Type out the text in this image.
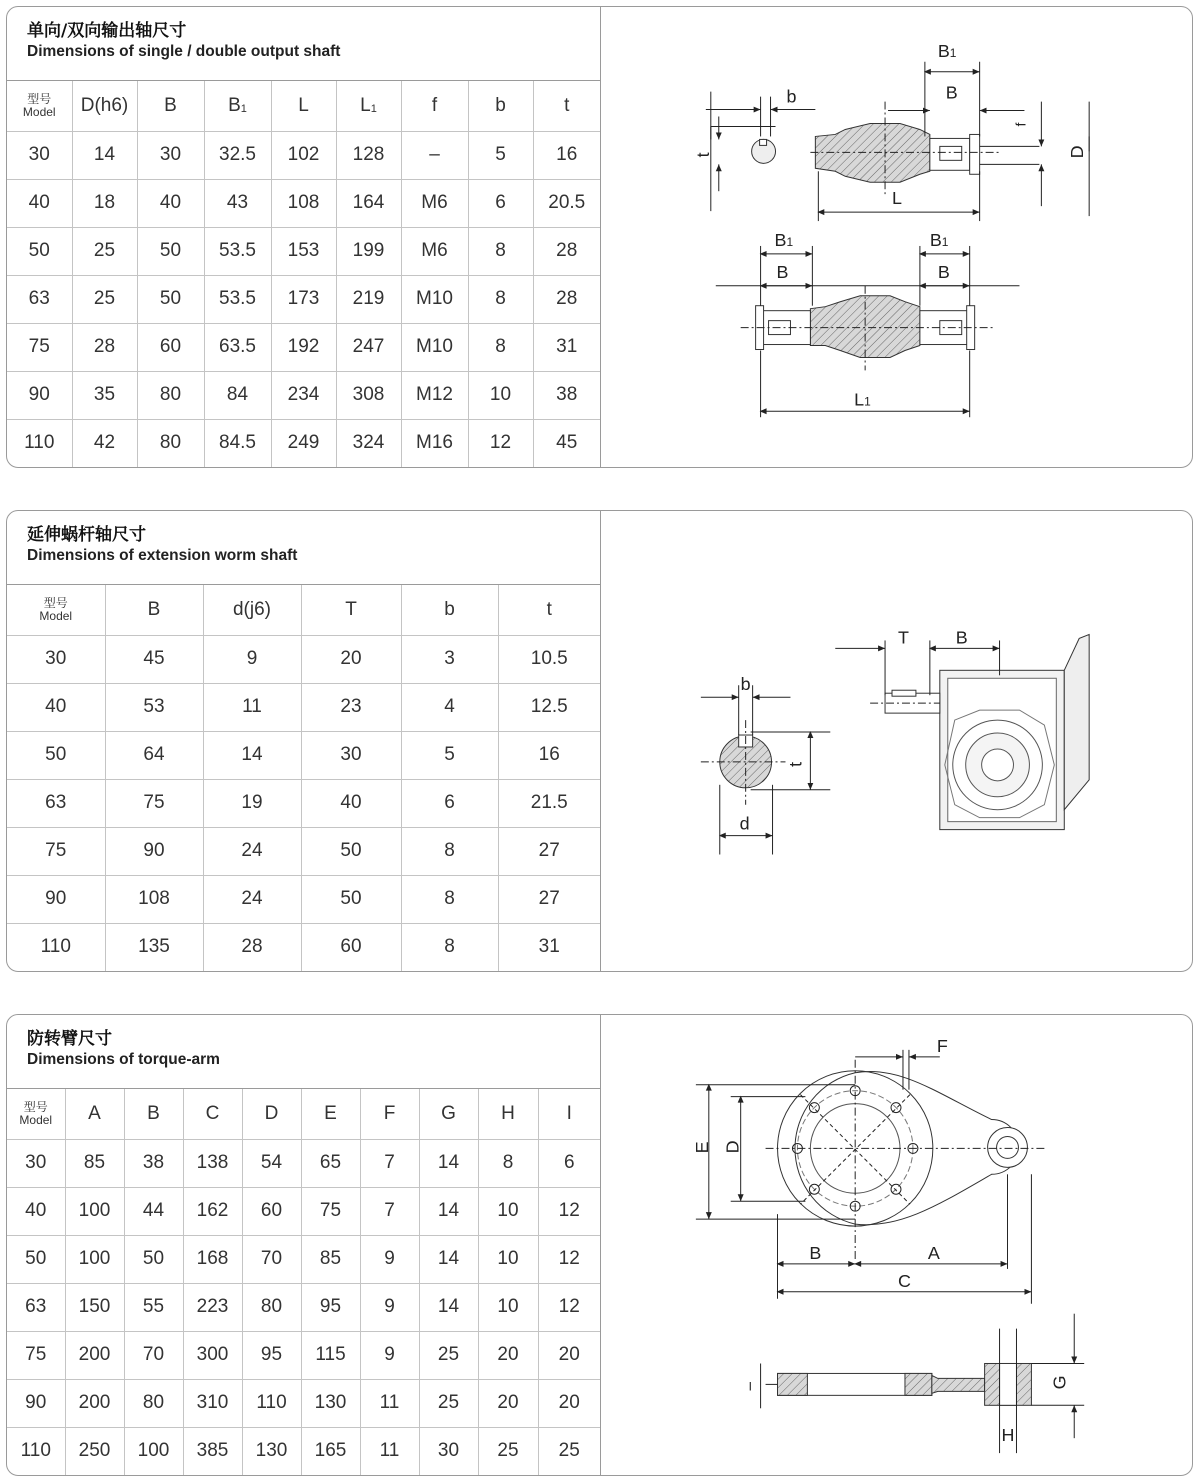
单向/双向输出轴尺寸
Dimensions of single / double output shaft
型号
Model	D(h6)	B	$B_1$	L	$L_1$	f	b	t
30	14	30	32.5	102	128	–	5	16
40	18	40	43	108	164	M6	6	20.5
50	25	50	53.5	153	199	M6	8	28
63	25	50	53.5	173	219	M10	8	28
75	28	60	63.5	192	247	M10	8	31
90	35	80	84	234	308	M12	10	38
110	42	80	84.5	249	324	M16	12	45
b
t
B1
B
f
D
L
B1	B1
B	B
L1
延伸蜗杆轴尺寸
Dimensions of extension worm shaft
型号
Model	B	d(j6)	T	b	t
30	45	9	20	3	10.5
40	53	11	23	4	12.5
50	64	14	30	5	16
63	75	19	40	6	21.5
75	90	24	50	8	27
90	108	24	50	8	27
110	135	28	60	8	31
b
t
d
T	B
防转臂尺寸
Dimensions of torque-arm
型号
Model	A	B	C	D	E	F	G	H	I
30	85	38	138	54	65	7	14	8	6
40	100	44	162	60	75	7	14	10	12
50	100	50	168	70	85	9	14	10	12
63	150	55	223	80	95	9	14	10	12
75	200	70	300	95	115	9	25	20	20
90	200	80	310	110	130	11	25	20	20
110	250	100	385	130	165	11	30	25	25
F
E D
B	A
C
G
H
I
